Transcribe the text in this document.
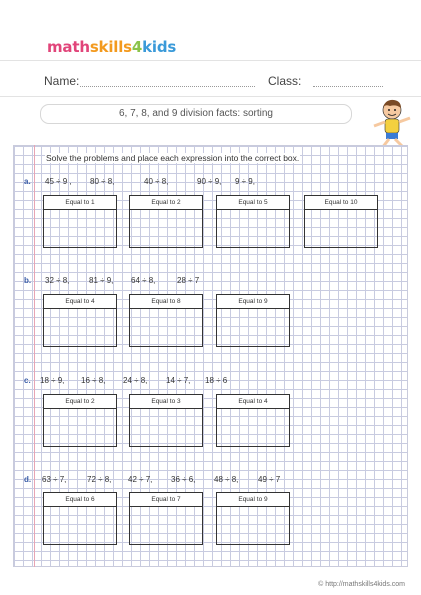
mathskills4kids
Name:	Class:
6, 7, 8, and 9 division facts: sorting
Solve the problems and place each expression into the correct box.
a. 45 ÷ 9 , 80 ÷ 8,	40 ÷ 8,	90 ÷ 9, 9 ÷ 9,
Equal to 1	Equal to 2	Equal to 5	Equal to 10
b. 32 ÷ 8, 81 ÷ 9, 64 ÷ 8,	28 ÷ 7
Equal to 4	Equal to 8	Equal to 9
c. 18 ÷ 9, 16 ÷ 8, 24 ÷ 8, 14 ÷ 7, 18 ÷ 6
Equal to 2	Equal to 3	Equal to 4
d. 63 ÷ 7,	72 ÷ 8, 42 ÷ 7, 36 ÷ 6, 48 ÷ 8, 49 ÷ 7
Equal to 6	Equal to 7	Equal to 9
© http://mathskills4kids.com
